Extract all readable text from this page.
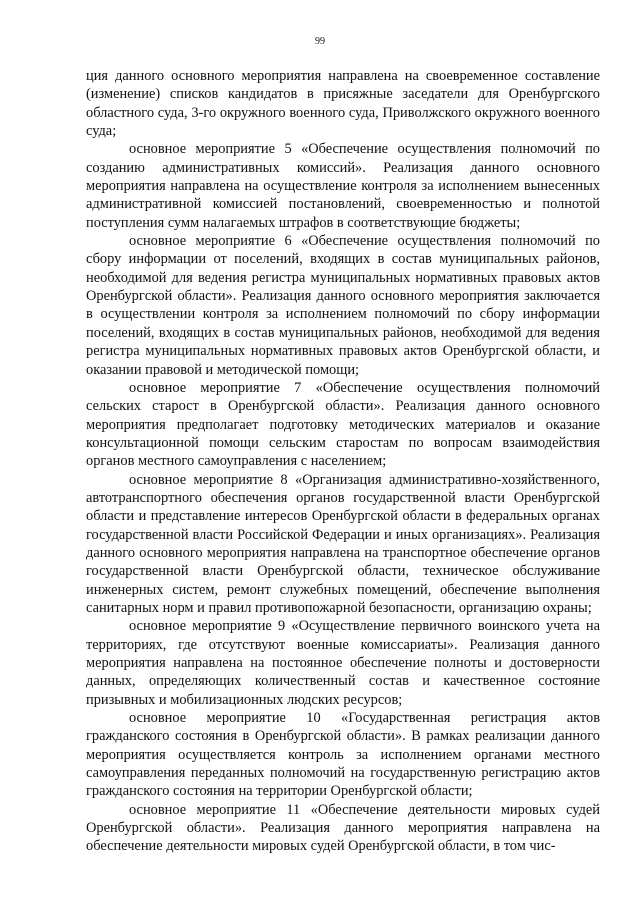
99

ция данного основного мероприятия направлена на своевременное составление (изменение) списков кандидатов в присяжные заседатели для Оренбургского областного суда, 3-го окружного военного суда, Приволжского окружного военного суда;

основное мероприятие 5 «Обеспечение осуществления полномочий по созданию административных комиссий». Реализация данного основного мероприятия направлена на осуществление контроля за исполнением вынесенных административной комиссией постановлений, своевременностью и полнотой поступления сумм налагаемых штрафов в соответствующие бюджеты;

основное мероприятие 6 «Обеспечение осуществления полномочий по сбору информации от поселений, входящих в состав муниципальных районов, необходимой для ведения регистра муниципальных нормативных правовых актов Оренбургской области». Реализация данного основного мероприятия заключается в осуществлении контроля за исполнением полномочий по сбору информации поселений, входящих в состав муниципальных районов, необходимой для ведения регистра муниципальных нормативных правовых актов Оренбургской области, и оказании правовой и методической помощи;

основное мероприятие 7 «Обеспечение осуществления полномочий сельских старост в Оренбургской области». Реализация данного основного мероприятия предполагает подготовку методических материалов и оказание консультационной помощи сельским старостам по вопросам взаимодействия органов местного самоуправления с населением;

основное мероприятие 8 «Организация административно-хозяйственного, автотранспортного обеспечения органов государственной власти Оренбургской области и представление интересов Оренбургской области в федеральных органах государственной власти Российской Федерации и иных организациях». Реализация данного основного мероприятия направлена на транспортное обеспечение органов государственной власти Оренбургской области, техническое обслуживание инженерных систем, ремонт служебных помещений, обеспечение выполнения санитарных норм и правил противопожарной безопасности, организацию охраны;

основное мероприятие 9 «Осуществление первичного воинского учета на территориях, где отсутствуют военные комиссариаты». Реализация данного мероприятия направлена на постоянное обеспечение полноты и достоверности данных, определяющих количественный состав и качественное состояние призывных и мобилизационных людских ресурсов;

основное мероприятие 10 «Государственная регистрация актов гражданского состояния в Оренбургской области». В рамках реализации данного мероприятия осуществляется контроль за исполнением органами местного самоуправления переданных полномочий на государственную регистрацию актов гражданского состояния на территории Оренбургской области;

основное мероприятие 11 «Обеспечение деятельности мировых судей Оренбургской области». Реализация данного мероприятия направлена на обеспечение деятельности мировых судей Оренбургской области, в том чис-
